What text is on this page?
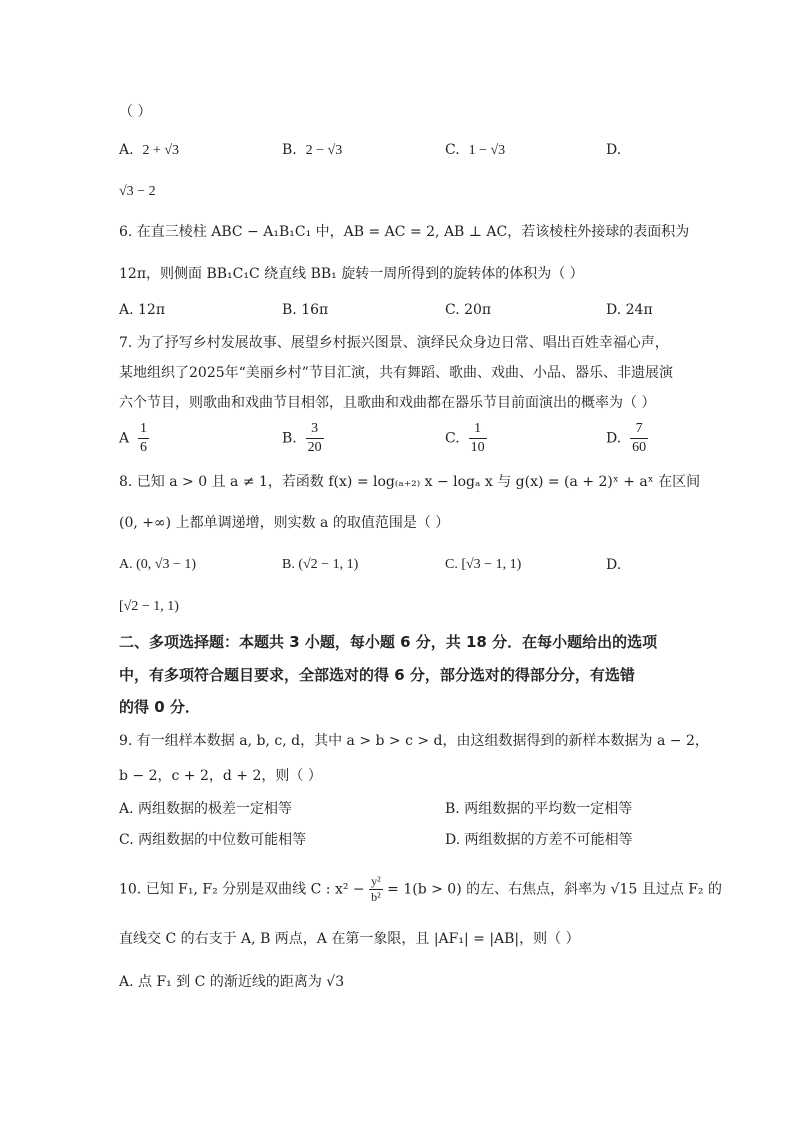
（ ）
A. 2 + √3	B. 2 − √3	C. 1 − √3	D.
√3 − 2
6. 在直三棱柱 ABC − A₁B₁C₁ 中，AB = AC = 2, AB ⊥ AC，若该棱柱外接球的表面积为
12π，则侧面 BB₁C₁C 绕直线 BB₁ 旋转一周所得到的旋转体的体积为（ ）
A. 12π	B. 16π	C. 20π	D. 24π
7. 为了抒写乡村发展故事、展望乡村振兴图景、演绎民众身边日常、唱出百姓幸福心声，
某地组织了2025年“美丽乡村”节目汇演，共有舞蹈、歌曲、戏曲、小品、器乐、非遗展演
六个节目，则歌曲和戏曲节目相邻，且歌曲和戏曲都在器乐节目前面演出的概率为（ ）
A $\frac{1}{6}$	B. $\frac{3}{20}$	C. $\frac{1}{10}$	D. $\frac{7}{60}$
8. 已知 a > 0 且 a ≠ 1，若函数 f(x) = log₍ₐ₊₂₎ x − logₐ x 与 g(x) = (a + 2)ˣ + aˣ 在区间
(0, +∞) 上都单调递增，则实数 a 的取值范围是（ ）
A. (0, √3 − 1)	B. (√2 − 1, 1)	C. [√3 − 1, 1)	D.
[√2 − 1, 1)
二、多项选择题：本题共 3 小题，每小题 6 分，共 18 分．在每小题给出的选项
中，有多项符合题目要求，全部选对的得 6 分，部分选对的得部分分，有选错
的得 0 分．
9. 有一组样本数据 a, b, c, d，其中 a > b > c > d，由这组数据得到的新样本数据为 a − 2，
b − 2，c + 2，d + 2，则（ ）
A. 两组数据的极差一定相等	B. 两组数据的平均数一定相等
C. 两组数据的中位数可能相等	D. 两组数据的方差不可能相等
10. 已知 F₁, F₂ 分别是双曲线 C : $x^2 - \frac{\text{y²}}{\text{b²}} = 1(b > 0)$ 的左、右焦点，斜率为 √15 且过点 F₂ 的
直线交 C 的右支于 A, B 两点，A 在第一象限，且 |AF₁| = |AB|，则（ ）
A. 点 F₁ 到 C 的渐近线的距离为 √3
